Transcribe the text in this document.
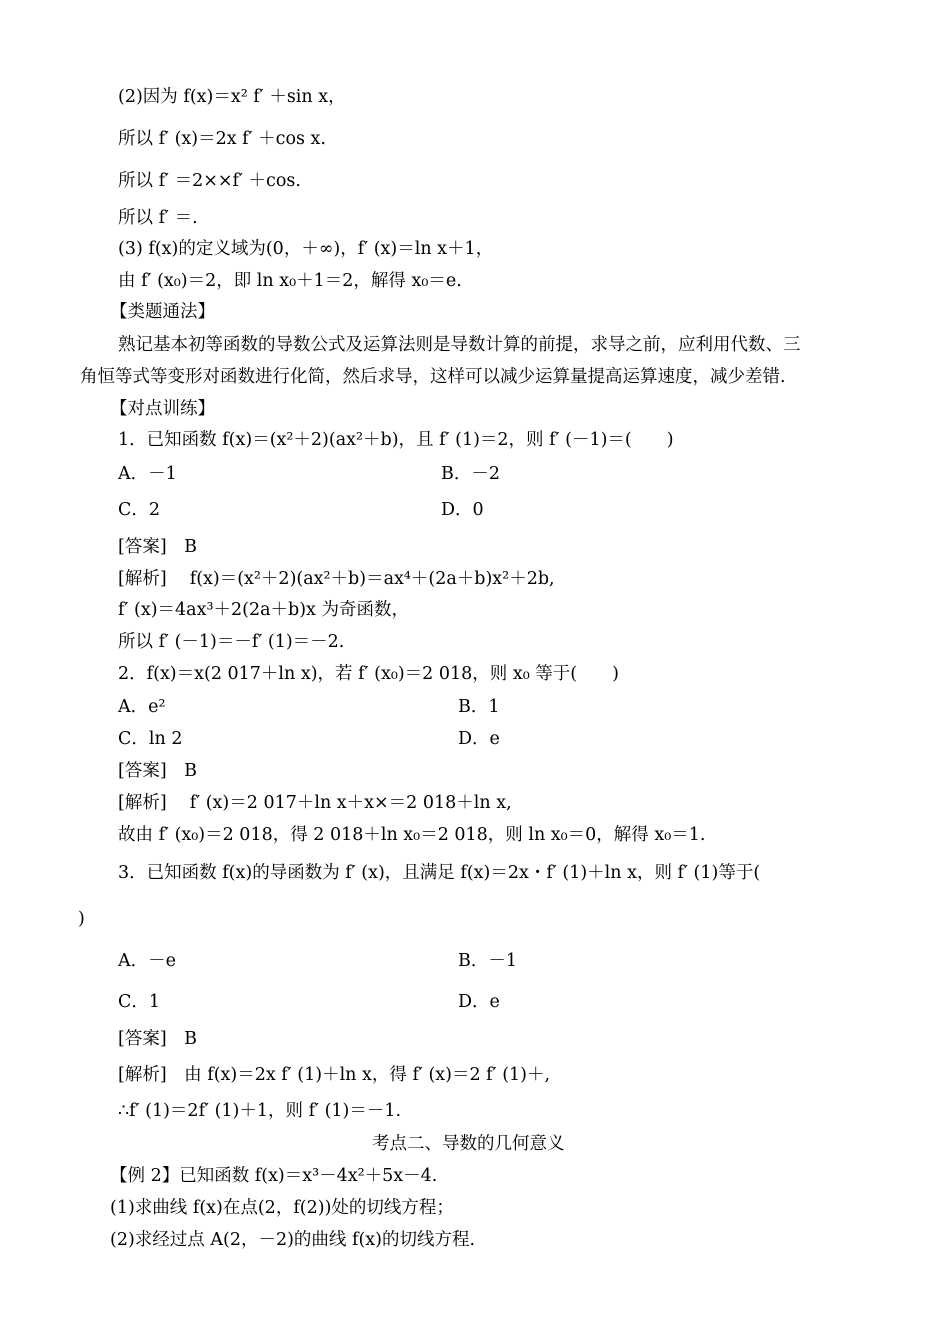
(2)因为 f(x)＝x² f′ ＋sin x，
所以 f′ (x)＝2x f′ ＋cos x.
所以 f′ ＝2××f′ ＋cos.
所以 f′ ＝.
(3) f(x)的定义域为(0，＋∞)，f′ (x)＝ln x＋1，
由 f′ (x₀)＝2，即 ln x₀＋1＝2，解得 x₀＝e.
【类题通法】
熟记基本初等函数的导数公式及运算法则是导数计算的前提，求导之前，应利用代数、三
角恒等式等变形对函数进行化简，然后求导，这样可以减少运算量提高运算速度，减少差错.
【对点训练】
1．已知函数 f(x)＝(x²＋2)(ax²＋b)，且 f′ (1)＝2，则 f′ (－1)＝(　　)
A．－1	B．－2
C．2	D．0
[答案]　B
[解析]　 f(x)＝(x²＋2)(ax²＋b)＝ax⁴＋(2a＋b)x²＋2b,
f′ (x)＝4ax³＋2(2a＋b)x 为奇函数，
所以 f′ (－1)＝－f′ (1)＝－2.
2．f(x)＝x(2 017＋ln x)，若 f′ (x₀)＝2 018，则 x₀ 等于(　　)
A．e²	B．1
C．ln 2	D．e
[答案]　B
[解析]　 f′ (x)＝2 017＋ln x＋x×＝2 018＋ln x,
故由 f′ (x₀)＝2 018，得 2 018＋ln x₀＝2 018，则 ln x₀＝0，解得 x₀＝1.
3．已知函数 f(x)的导函数为 f′ (x)，且满足 f(x)＝2x・f′ (1)＋ln x，则 f′ (1)等于(
)
A．－e	B．－1
C．1	D．e
[答案]　B
[解析]　由 f(x)＝2x f′ (1)＋ln x，得 f′ (x)＝2 f′ (1)＋,
∴f′ (1)＝2f′ (1)＋1，则 f′ (1)＝－1.
考点二、导数的几何意义
【例 2】已知函数 f(x)＝x³－4x²＋5x－4.
(1)求曲线 f(x)在点(2，f(2))处的切线方程；
(2)求经过点 A(2，－2)的曲线 f(x)的切线方程.
